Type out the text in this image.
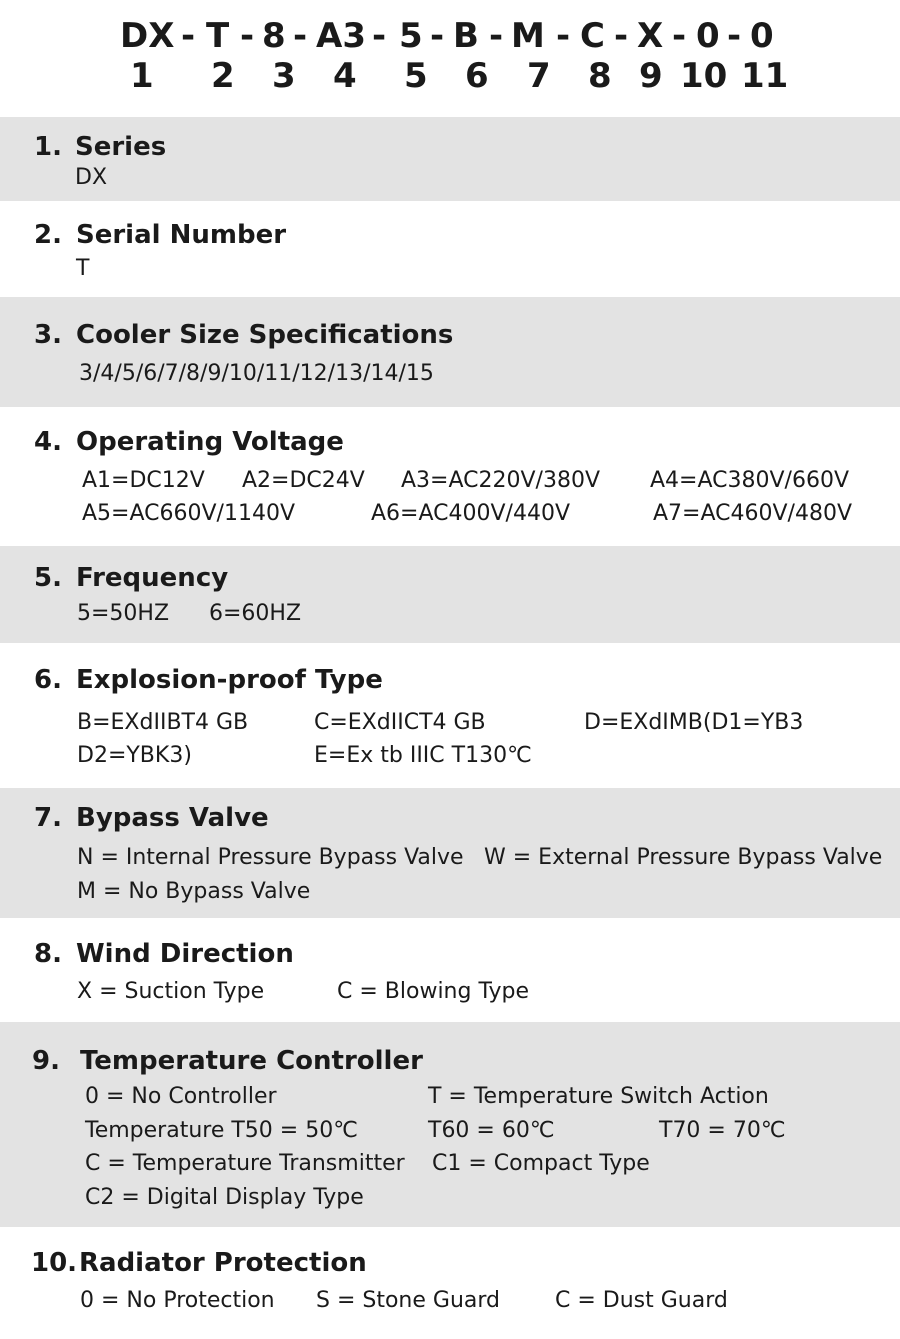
DX - T - 8 - A3 - 5 - B - M - C - X - 0 - 0
1 2 3 4 5 6 7 8 9 10 11
1. Series
DX
2. Serial Number
T
3. Cooler Size Specifications
3/4/5/6/7/8/9/10/11/12/13/14/15
4. Operating Voltage
A1=DC12V A2=DC24V A3=AC220V/380V A4=AC380V/660V
A5=AC660V/1140V	A6=AC400V/440V	A7=AC460V/480V
5. Frequency
5=50HZ 6=60HZ
6. Explosion-proof Type
B=EXdIIBT4 GB	C=EXdIICT4 GB	D=EXdIMB(D1=YB3
D2=YBK3)	E=Ex tb IIIC T130℃
7. Bypass Valve
N = Internal Pressure Bypass Valve W = External Pressure Bypass Valve
M = No Bypass Valve
8. Wind Direction
X = Suction Type	C = Blowing Type
9. Temperature Controller
0 = No Controller	T = Temperature Switch Action
Temperature T50 = 50℃	T60 = 60℃	T70 = 70℃
C = Temperature Transmitter C1 = Compact Type
C2 = Digital Display Type
10.Radiator Protection
0 = No Protection S = Stone Guard C = Dust Guard
